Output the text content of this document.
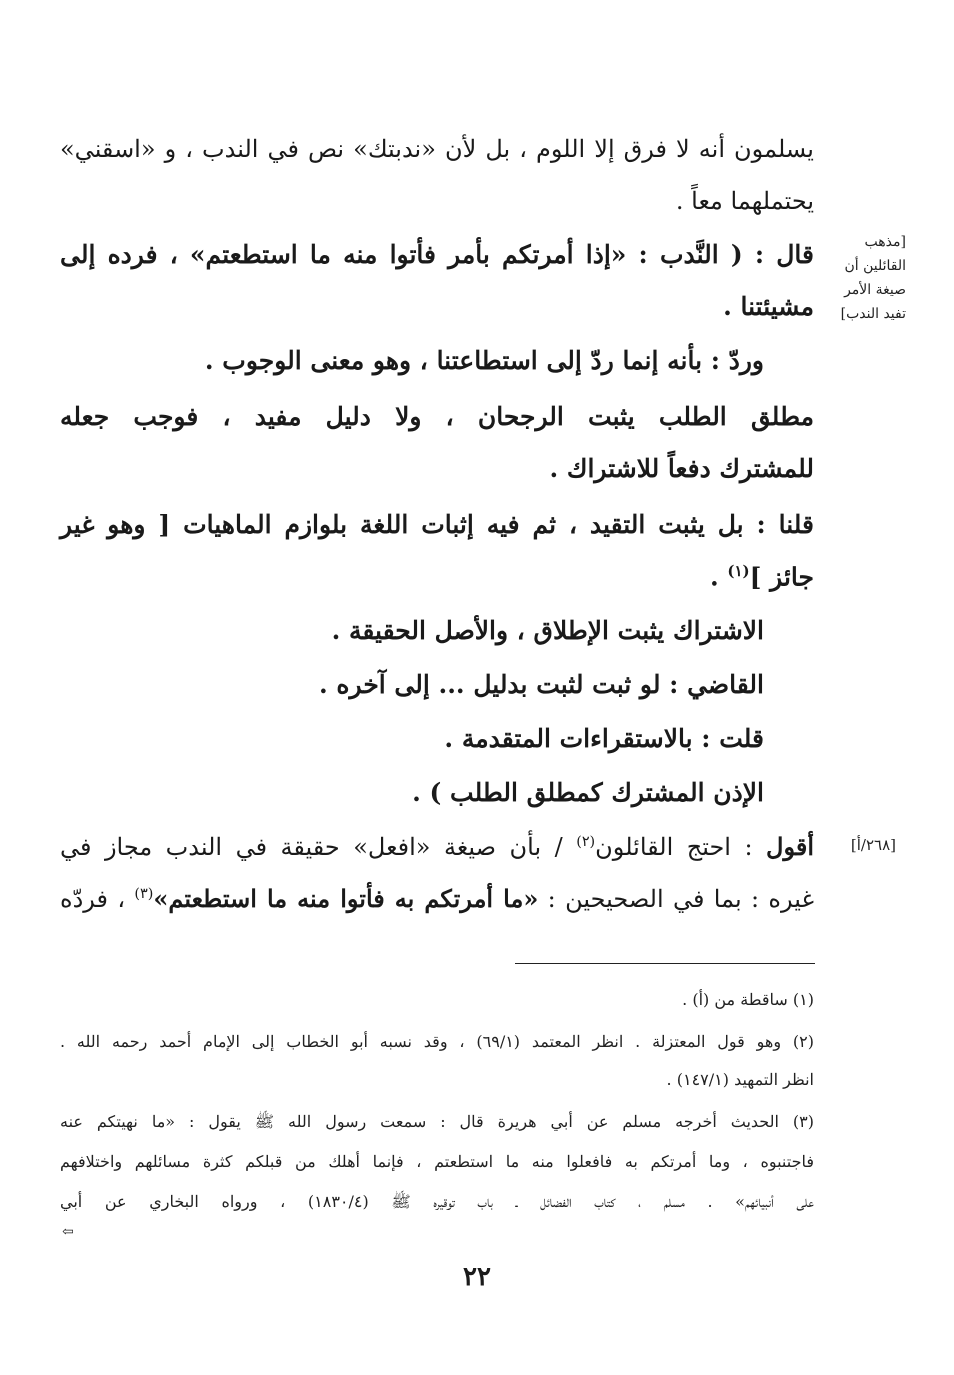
يسلمون أنه لا فرق إلا اللوم ، بل لأن «ندبتك» نص في الندب ، و «اسقني»
يحتملهما معاً .
[مذهب
القائلين أن
صيغة الأمر
تفيد الندب]
قال : ( النَّدب : «إذا أمرتكم بأمر فأتوا منه ما استطعتم» ، فرده إلى
مشيئتنا .
وردّ : بأنه إنما ردّ إلى استطاعتنا ، وهو معنى الوجوب .
مطلق الطلب يثبت الرجحان ، ولا دليل مفيد ، فوجب جعله
للمشترك دفعاً للاشتراك .
قلنا : بل يثبت التقيد ، ثم فيه إثبات اللغة بلوازم الماهيات [ وهو غير
جائز ]$^{(١)}$ .
الاشتراك يثبت الإطلاق ، والأصل الحقيقة .
القاضي : لو ثبت لثبت بدليل ... إلى آخره .
قلت : بالاستقراءات المتقدمة .
الإذن المشترك كمطلق الطلب ) .
[٢٦٨/أ]
أقول : احتج القائلون$^{(٢)}$ / بأن صيغة «افعل» حقيقة في الندب مجاز في
غيره : بما في الصحيحين : «ما أمرتكم به فأتوا منه ما استطعتم»$^{(٣)}$ ، فردّه
(١) ساقطة من (أ) .
(٢) وهو قول المعتزلة . انظر المعتمد (٦٩/١) ، وقد نسبه أبو الخطاب إلى الإمام أحمد رحمه الله .
انظر التمهيد (١٤٧/١) .
(٣) الحديث أخرجه مسلم عن أبي هريرة قال : سمعت رسول الله ﷺ يقول : «ما نهيتكم عنه
فاجتنبوه ، وما أمرتكم به فافعلوا منه ما استطعتم ، فإنما أهلك من قبلكم كثرة مسائلهم واختلافهم
على أنبيائهم» . مسلم ، كتاب الفضائل ـ باب توقيره ﷺ (١٨٣٠/٤) ، ورواه البخاري عن أبي
⇦
٢٢
